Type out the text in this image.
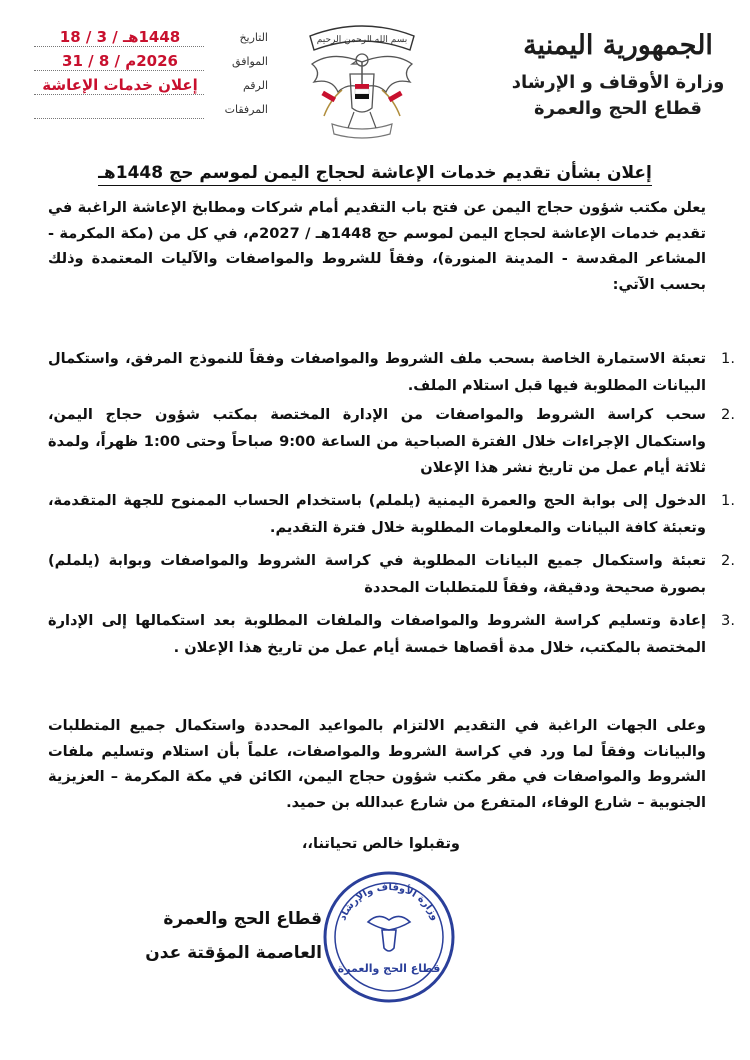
الجمهورية اليمنية
وزارة الأوقاف و الإرشاد
قطاع الحج والعمرة
بسم الله الرحمن الرحيم
التاريخ
1448هـ / 3 / 18
الموافق
2026م / 8 / 31
الرقم
إعلان خدمات الإعاشة
المرفقات
إعلان بشأن تقديم خدمات الإعاشة لحجاج اليمن لموسم حج 1448هـ
يعلن مكتب شؤون حجاج اليمن عن فتح باب التقديم أمام شركات ومطابخ الإعاشة الراغبة في تقديم خدمات الإعاشة لحجاج اليمن لموسم حج 1448هـ / 2027م، في كل من (مكة المكرمة - المشاعر المقدسة - المدينة المنورة)، وفقاً للشروط والمواصفات والآليات المعتمدة وذلك بحسب الآتي:
.1
تعبئة الاستمارة الخاصة بسحب ملف الشروط والمواصفات وفقاً للنموذج المرفق، واستكمال البيانات المطلوبة فيها قبل استلام الملف.
.2
سحب كراسة الشروط والمواصفات من الإدارة المختصة بمكتب شؤون حجاج اليمن، واستكمال الإجراءات خلال الفترة الصباحية من الساعة 9:00 صباحاً وحتى 1:00 ظهراً، ولمدة ثلاثة أيام عمل من تاريخ نشر هذا الإعلان
.1
الدخول إلى بوابة الحج والعمرة اليمنية (يلملم) باستخدام الحساب الممنوح للجهة المتقدمة، وتعبئة كافة البيانات والمعلومات المطلوبة خلال فترة التقديم.
.2
تعبئة واستكمال جميع البيانات المطلوبة في كراسة الشروط والمواصفات وبوابة (يلملم) بصورة صحيحة ودقيقة، وفقاً للمتطلبات المحددة
.3
إعادة وتسليم كراسة الشروط والمواصفات والملفات المطلوبة بعد استكمالها إلى الإدارة المختصة بالمكتب، خلال مدة أقصاها خمسة أيام عمل من تاريخ هذا الإعلان .
وعلى الجهات الراغبة في التقديم الالتزام بالمواعيد المحددة واستكمال جميع المتطلبات والبيانات وفقاً لما ورد في كراسة الشروط والمواصفات، علماً بأن استلام وتسليم ملفات الشروط والمواصفات في مقر مكتب شؤون حجاج اليمن، الكائن في مكة المكرمة – العزيزية الجنوبية – شارع الوفاء، المتفرع من شارع عبدالله بن حميد.
وتقبلوا خالص تحياتنا،،
قطاع الحج والعمرة
العاصمة المؤقتة عدن
وزارة الأوقاف والإرشاد
قطاع الحج والعمرة
